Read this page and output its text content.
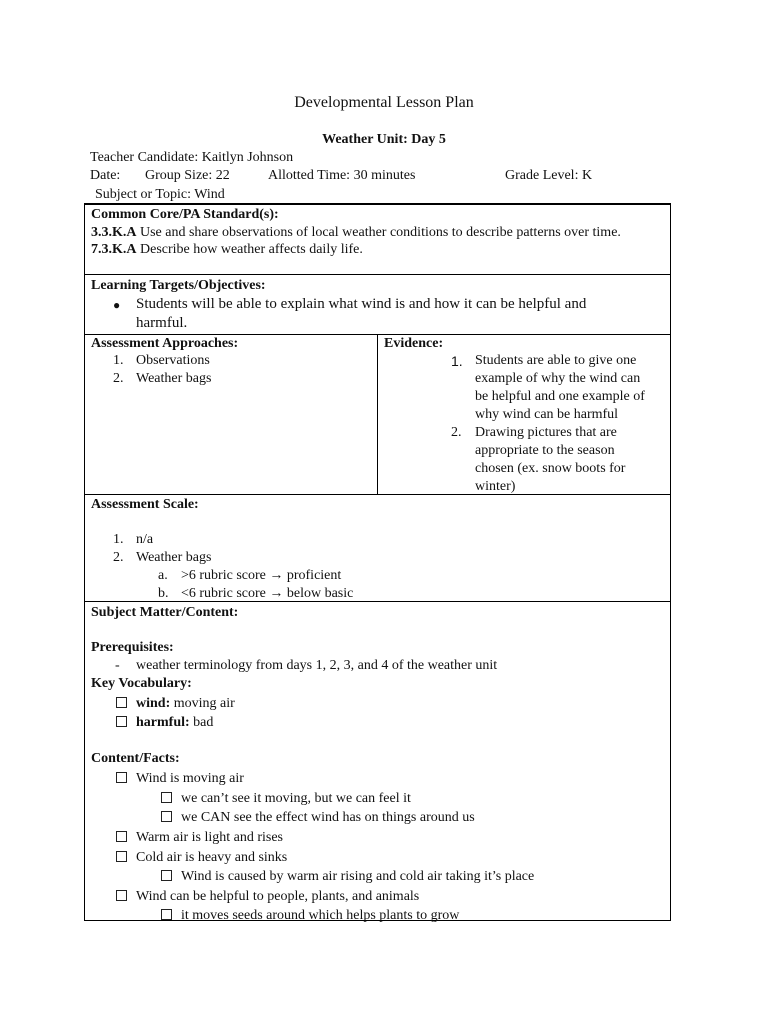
Developmental Lesson Plan
Weather Unit: Day 5
Teacher Candidate: Kaitlyn Johnson
Date: Group Size: 22	Allotted Time: 30 minutes	Grade Level: K
Subject or Topic: Wind
Common Core/PA Standard(s):
3.3.K.A Use and share observations of local weather conditions to describe patterns over time.
7.3.K.A Describe how weather affects daily life.
Learning Targets/Objectives:
● Students will be able to explain what wind is and how it can be helpful and
harmful.
Assessment Approaches:
1. Observations
2. Weather bags
Evidence:
1. Students are able to give one
example of why the wind can
be helpful and one example of
why wind can be harmful
2. Drawing pictures that are
appropriate to the season
chosen (ex. snow boots for
winter)
Assessment Scale:
1. n/a
2. Weather bags
a. >6 rubric score → proficient
b. <6 rubric score → below basic
Subject Matter/Content:
Prerequisites:
- weather terminology from days 1, 2, 3, and 4 of the weather unit
Key Vocabulary:
wind: moving air
harmful: bad
Content/Facts:
Wind is moving air
we can’t see it moving, but we can feel it
we CAN see the effect wind has on things around us
Warm air is light and rises
Cold air is heavy and sinks
Wind is caused by warm air rising and cold air taking it’s place
Wind can be helpful to people, plants, and animals
it moves seeds around which helps plants to grow
